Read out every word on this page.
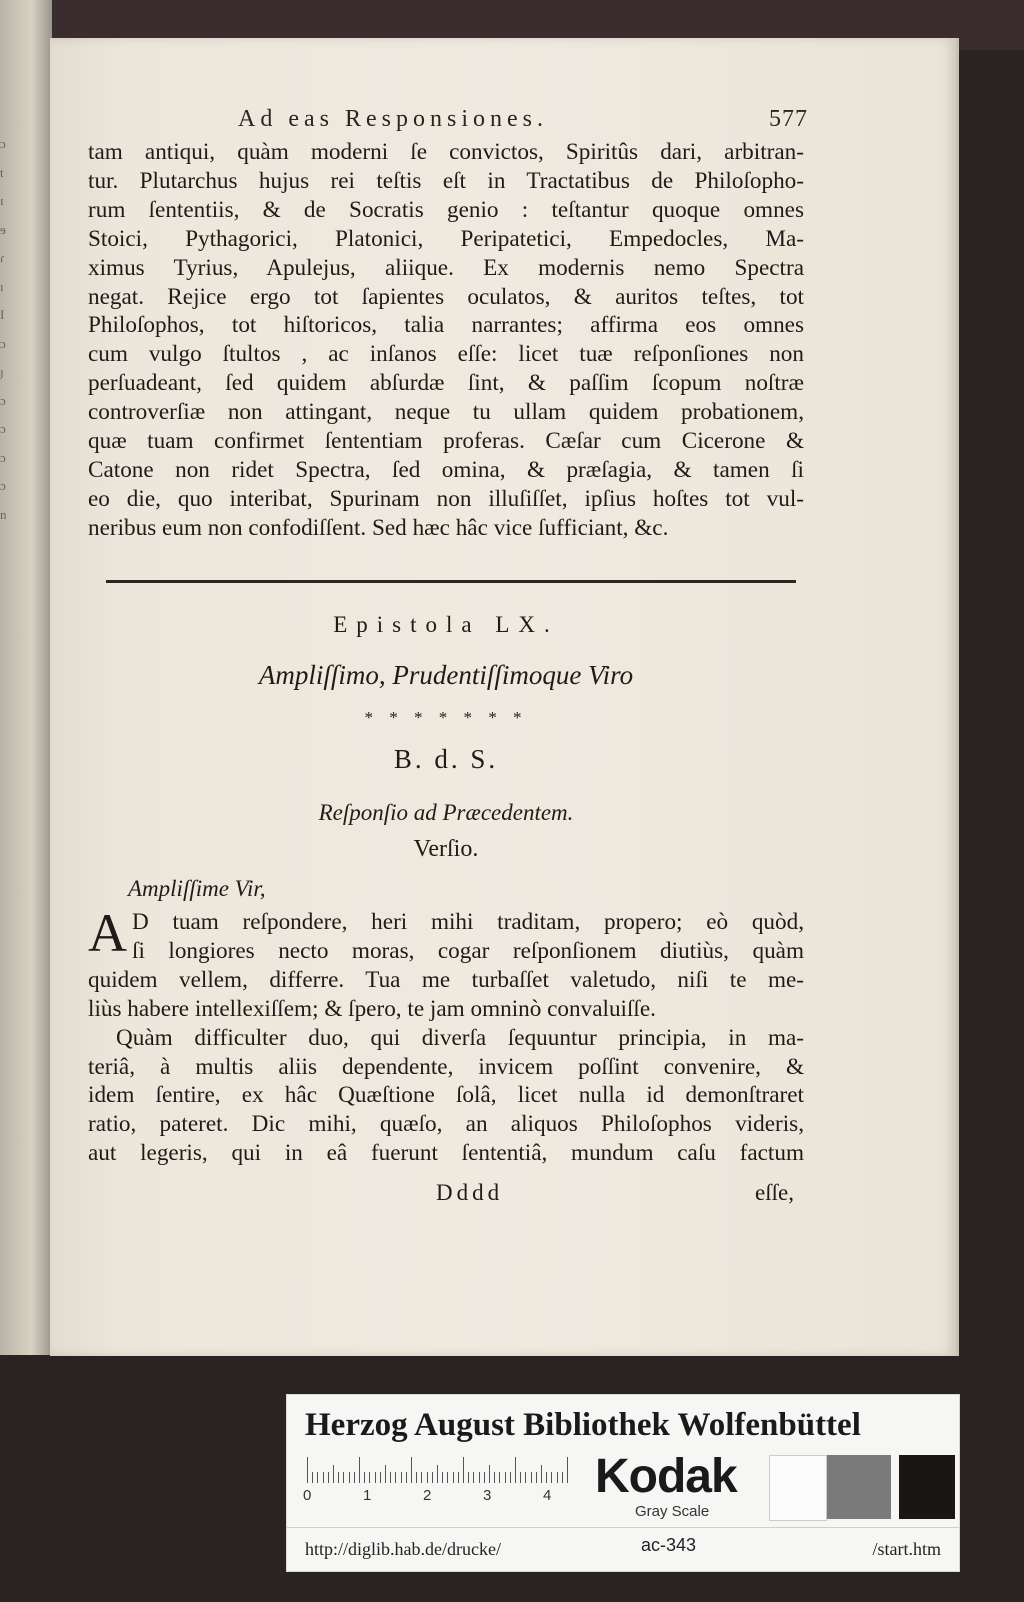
ɔ
t
ɪ
ɘ
ɾ
ı
I
ɔ
ȷ
ɔ
ɔ
ɔ
ɔ
n
Ad eas Responsiones.	577
tam antiqui, quàm moderni ſe convictos, Spiritûs dari, arbitran-
tur. Plutarchus hujus rei teſtis eſt in Tractatibus de Philoſopho-
rum ſententiis, & de Socratis genio : teſtantur quoque omnes
Stoici, Pythagorici, Platonici, Peripatetici, Empedocles, Ma-
ximus Tyrius, Apulejus, aliique. Ex modernis nemo Spectra
negat. Rejice ergo tot ſapientes oculatos, & auritos teſtes, tot
Philoſophos, tot hiſtoricos, talia narrantes; affirma eos omnes
cum vulgo ſtultos , ac inſanos eſſe: licet tuæ reſponſiones non
perſuadeant, ſed quidem abſurdæ ſint, & paſſim ſcopum noſtræ
controverſiæ non attingant, neque tu ullam quidem probationem,
quæ tuam confirmet ſententiam proferas. Cæſar cum Cicerone &
Catone non ridet Spectra, ſed omina, & præſagia, & tamen ſi
eo die, quo interibat, Spurinam non illuſiſſet, ipſius hoſtes tot vul-
neribus eum non confodiſſent. Sed hæc hâc vice ſufficiant, &c.
Epistola LX.
Ampliſſimo, Prudentiſſimoque Viro
* * * * * * *
B. d. S.
Reſponſio ad Præcedentem.
Verſio.
Ampliſſime Vir,
A D tuam reſpondere, heri mihi traditam, propero; eò quòd,
ſi longiores necto moras, cogar reſponſionem diutiùs, quàm
quidem vellem, differre. Tua me turbaſſet valetudo, niſi te me-
liùs habere intellexiſſem; & ſpero, te jam omninò convaluiſſe.
Quàm difficulter duo, qui diverſa ſequuntur principia, in ma-
teriâ, à multis aliis dependente, invicem poſſint convenire, &
idem ſentire, ex hâc Quæſtione ſolâ, licet nulla id demonſtraret
ratio, pateret. Dic mihi, quæſo, an aliquos Philoſophos videris,
aut legeris, qui in eâ fuerunt ſententiâ, mundum caſu factum
Dddd	eſſe,
Herzog August Bibliothek Wolfenbüttel
0	1	2	3	4 Kodak
Gray Scale
http://diglib.hab.de/drucke/	ac-343	/start.htm
